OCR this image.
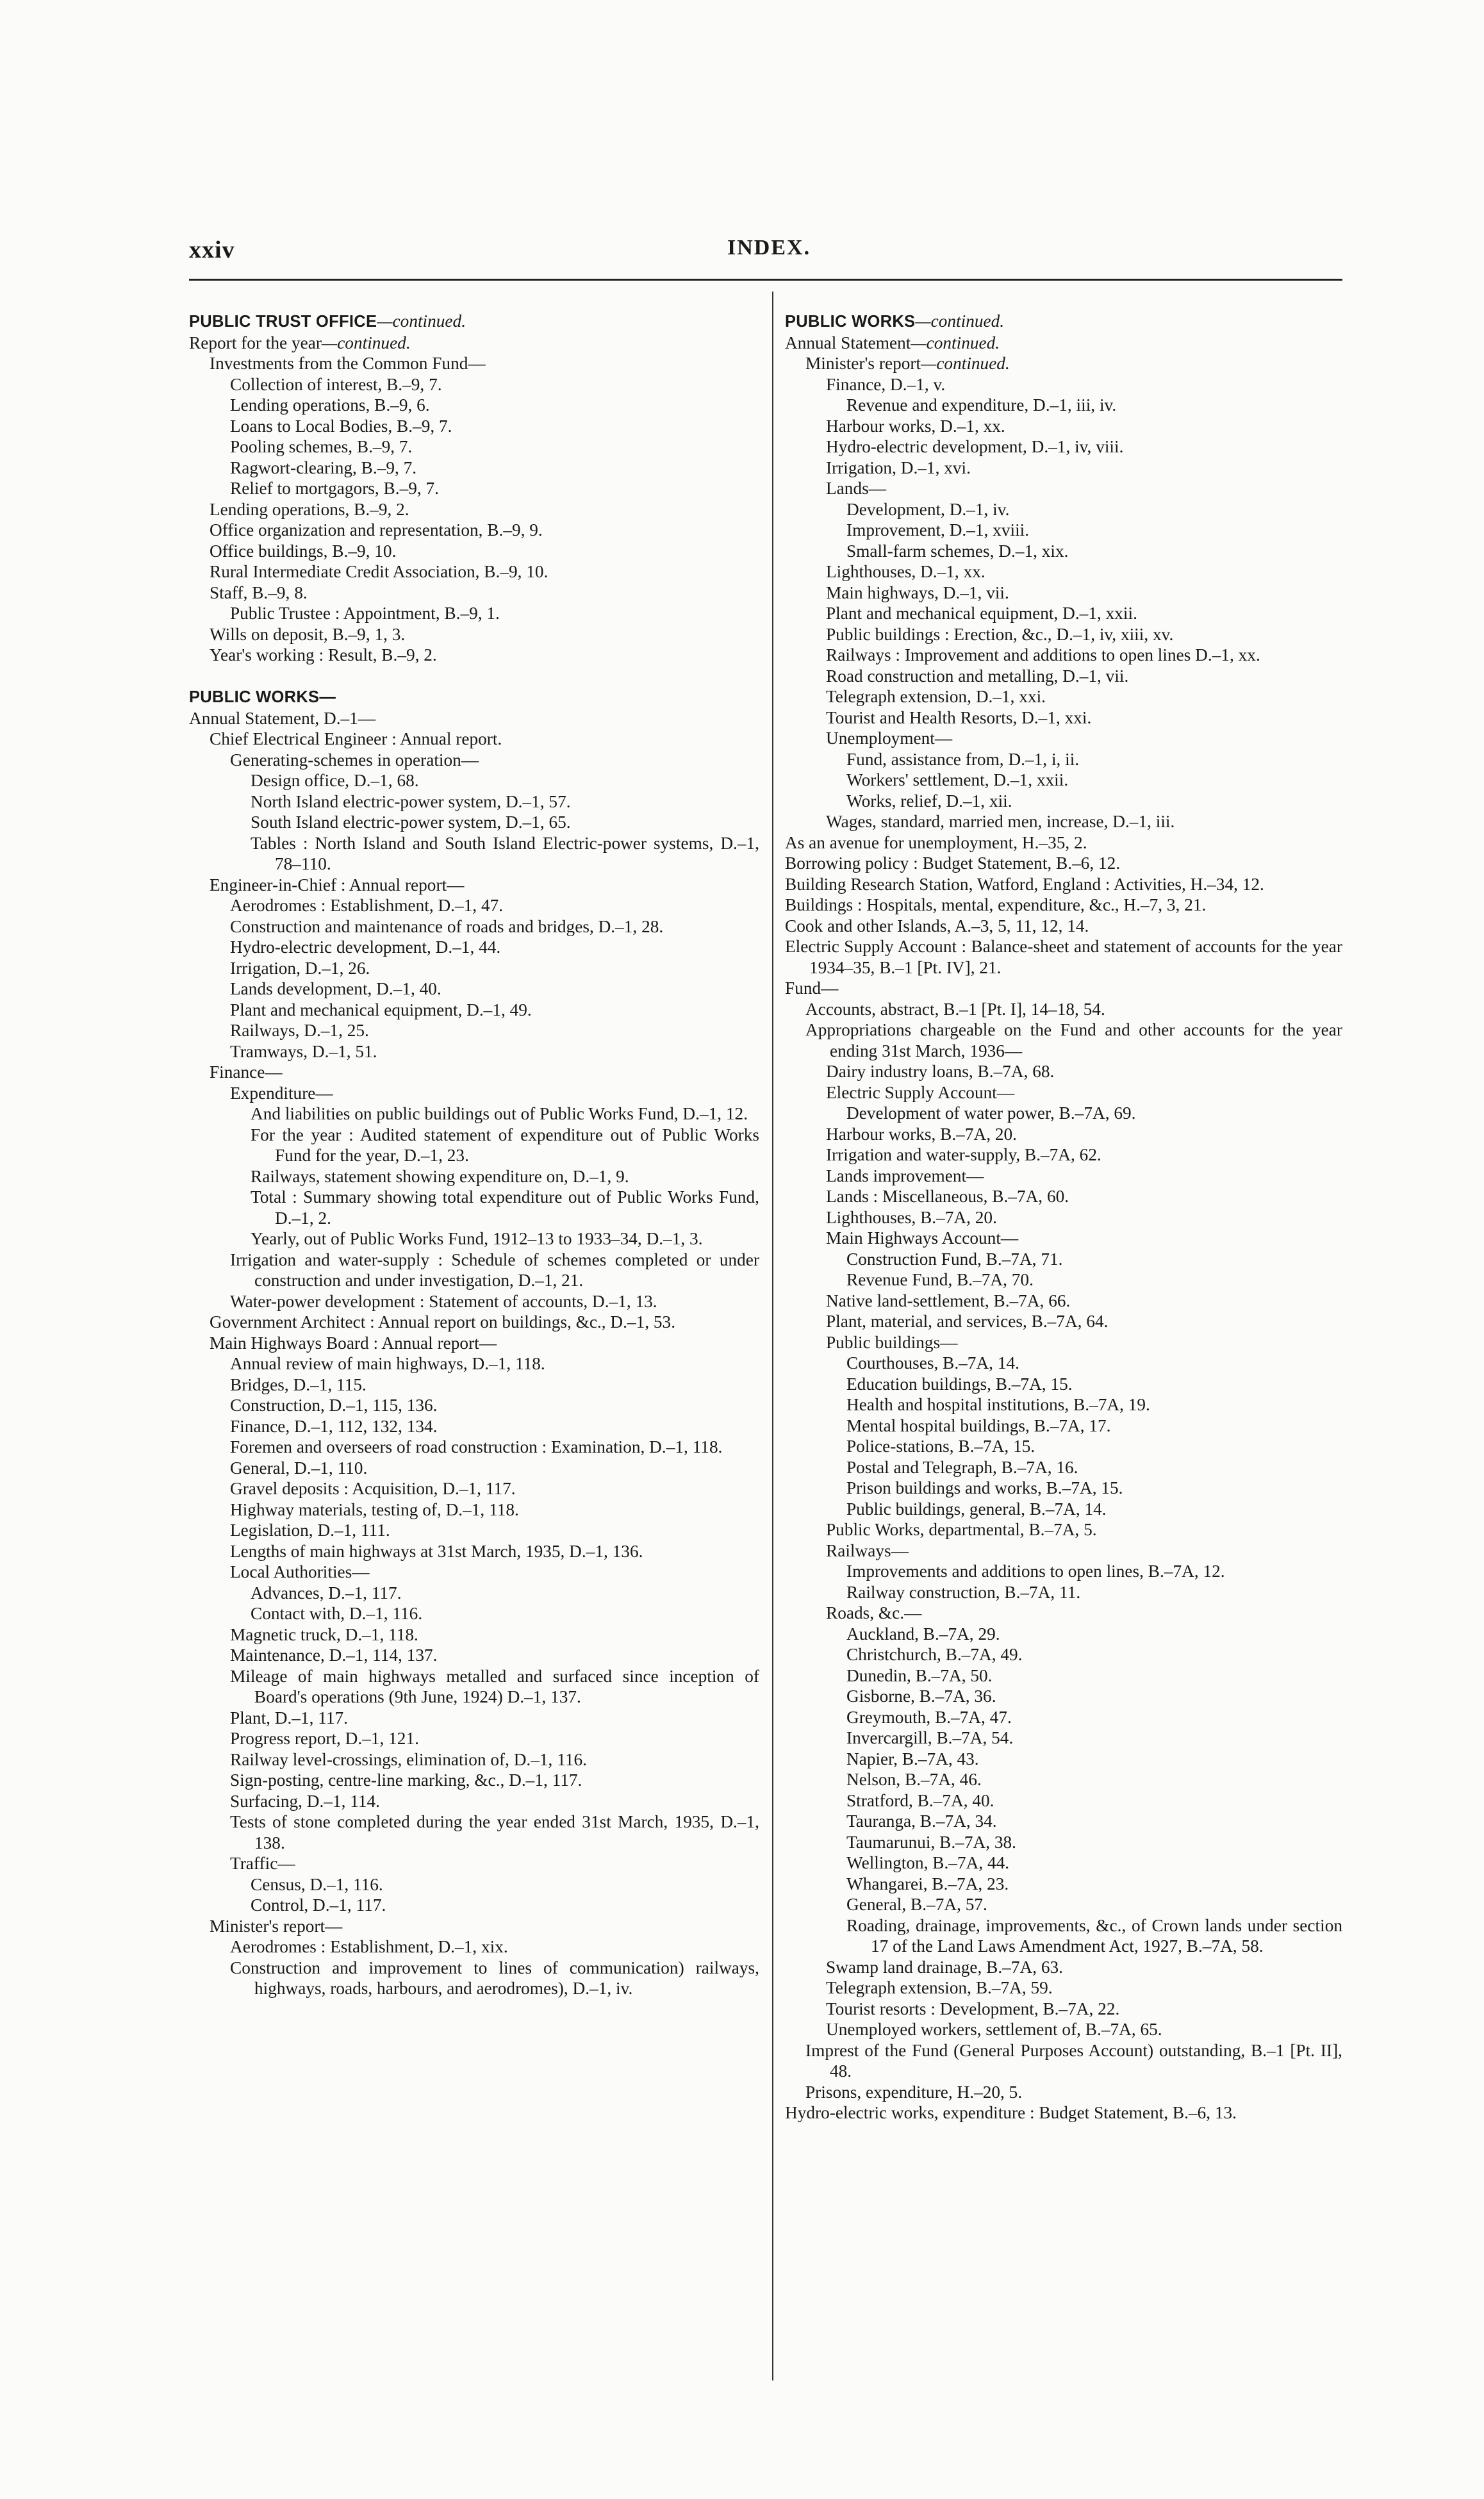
xxiv	INDEX.
PUBLIC TRUST OFFICE—continued.
Report for the year—continued.
Investments from the Common Fund—
Collection of interest, B.–9, 7.
Lending operations, B.–9, 6.
Loans to Local Bodies, B.–9, 7.
Pooling schemes, B.–9, 7.
Ragwort-clearing, B.–9, 7.
Relief to mortgagors, B.–9, 7.
Lending operations, B.–9, 2.
Office organization and representation, B.–9, 9.
Office buildings, B.–9, 10.
Rural Intermediate Credit Association, B.–9, 10.
Staff, B.–9, 8.
Public Trustee : Appointment, B.–9, 1.
Wills on deposit, B.–9, 1, 3.
Year's working : Result, B.–9, 2.
PUBLIC WORKS—
Annual Statement, D.–1—
Chief Electrical Engineer : Annual report.
Generating-schemes in operation—
Design office, D.–1, 68.
North Island electric-power system, D.–1, 57.
South Island electric-power system, D.–1, 65.
Tables : North Island and South Island Electric-power systems, D.–1, 78–110.
Engineer-in-Chief : Annual report—
Aerodromes : Establishment, D.–1, 47.
Construction and maintenance of roads and bridges, D.–1, 28.
Hydro-electric development, D.–1, 44.
Irrigation, D.–1, 26.
Lands development, D.–1, 40.
Plant and mechanical equipment, D.–1, 49.
Railways, D.–1, 25.
Tramways, D.–1, 51.
Finance—
Expenditure—
And liabilities on public buildings out of Public Works Fund, D.–1, 12.
For the year : Audited statement of expenditure out of Public Works Fund for the year, D.–1, 23.
Railways, statement showing expenditure on, D.–1, 9.
Total : Summary showing total expenditure out of Public Works Fund, D.–1, 2.
Yearly, out of Public Works Fund, 1912–13 to 1933–34, D.–1, 3.
Irrigation and water-supply : Schedule of schemes completed or under construction and under investigation, D.–1, 21.
Water-power development : Statement of accounts, D.–1, 13.
Government Architect : Annual report on buildings, &c., D.–1, 53.
Main Highways Board : Annual report—
Annual review of main highways, D.–1, 118.
Bridges, D.–1, 115.
Construction, D.–1, 115, 136.
Finance, D.–1, 112, 132, 134.
Foremen and overseers of road construction : Examination, D.–1, 118.
General, D.–1, 110.
Gravel deposits : Acquisition, D.–1, 117.
Highway materials, testing of, D.–1, 118.
Legislation, D.–1, 111.
Lengths of main highways at 31st March, 1935, D.–1, 136.
Local Authorities—
Advances, D.–1, 117.
Contact with, D.–1, 116.
Magnetic truck, D.–1, 118.
Maintenance, D.–1, 114, 137.
Mileage of main highways metalled and surfaced since inception of Board's operations (9th June, 1924) D.–1, 137.
Plant, D.–1, 117.
Progress report, D.–1, 121.
Railway level-crossings, elimination of, D.–1, 116.
Sign-posting, centre-line marking, &c., D.–1, 117.
Surfacing, D.–1, 114.
Tests of stone completed during the year ended 31st March, 1935, D.–1, 138.
Traffic—
Census, D.–1, 116.
Control, D.–1, 117.
Minister's report—
Aerodromes : Establishment, D.–1, xix.
Construction and improvement to lines of communication) railways, highways, roads, harbours, and aerodromes), D.–1, iv.
PUBLIC WORKS—continued.
Annual Statement—continued.
Minister's report—continued.
Finance, D.–1, v.
Revenue and expenditure, D.–1, iii, iv.
Harbour works, D.–1, xx.
Hydro-electric development, D.–1, iv, viii.
Irrigation, D.–1, xvi.
Lands—
Development, D.–1, iv.
Improvement, D.–1, xviii.
Small-farm schemes, D.–1, xix.
Lighthouses, D.–1, xx.
Main highways, D.–1, vii.
Plant and mechanical equipment, D.–1, xxii.
Public buildings : Erection, &c., D.–1, iv, xiii, xv.
Railways : Improvement and additions to open lines D.–1, xx.
Road construction and metalling, D.–1, vii.
Telegraph extension, D.–1, xxi.
Tourist and Health Resorts, D.–1, xxi.
Unemployment—
Fund, assistance from, D.–1, i, ii.
Workers' settlement, D.–1, xxii.
Works, relief, D.–1, xii.
Wages, standard, married men, increase, D.–1, iii.
As an avenue for unemployment, H.–35, 2.
Borrowing policy : Budget Statement, B.–6, 12.
Building Research Station, Watford, England : Activities, H.–34, 12.
Buildings : Hospitals, mental, expenditure, &c., H.–7, 3, 21.
Cook and other Islands, A.–3, 5, 11, 12, 14.
Electric Supply Account : Balance-sheet and statement of accounts for the year 1934–35, B.–1 [Pt. IV], 21.
Fund—
Accounts, abstract, B.–1 [Pt. I], 14–18, 54.
Appropriations chargeable on the Fund and other accounts for the year ending 31st March, 1936—
Dairy industry loans, B.–7A, 68.
Electric Supply Account—
Development of water power, B.–7A, 69.
Harbour works, B.–7A, 20.
Irrigation and water-supply, B.–7A, 62.
Lands improvement—
Lands : Miscellaneous, B.–7A, 60.
Lighthouses, B.–7A, 20.
Main Highways Account—
Construction Fund, B.–7A, 71.
Revenue Fund, B.–7A, 70.
Native land-settlement, B.–7A, 66.
Plant, material, and services, B.–7A, 64.
Public buildings—
Courthouses, B.–7A, 14.
Education buildings, B.–7A, 15.
Health and hospital institutions, B.–7A, 19.
Mental hospital buildings, B.–7A, 17.
Police-stations, B.–7A, 15.
Postal and Telegraph, B.–7A, 16.
Prison buildings and works, B.–7A, 15.
Public buildings, general, B.–7A, 14.
Public Works, departmental, B.–7A, 5.
Railways—
Improvements and additions to open lines, B.–7A, 12.
Railway construction, B.–7A, 11.
Roads, &c.—
Auckland, B.–7A, 29.
Christchurch, B.–7A, 49.
Dunedin, B.–7A, 50.
Gisborne, B.–7A, 36.
Greymouth, B.–7A, 47.
Invercargill, B.–7A, 54.
Napier, B.–7A, 43.
Nelson, B.–7A, 46.
Stratford, B.–7A, 40.
Tauranga, B.–7A, 34.
Taumarunui, B.–7A, 38.
Wellington, B.–7A, 44.
Whangarei, B.–7A, 23.
General, B.–7A, 57.
Roading, drainage, improvements, &c., of Crown lands under section 17 of the Land Laws Amendment Act, 1927, B.–7A, 58.
Swamp land drainage, B.–7A, 63.
Telegraph extension, B.–7A, 59.
Tourist resorts : Development, B.–7A, 22.
Unemployed workers, settlement of, B.–7A, 65.
Imprest of the Fund (General Purposes Account) outstanding, B.–1 [Pt. II], 48.
Prisons, expenditure, H.–20, 5.
Hydro-electric works, expenditure : Budget Statement, B.–6, 13.
